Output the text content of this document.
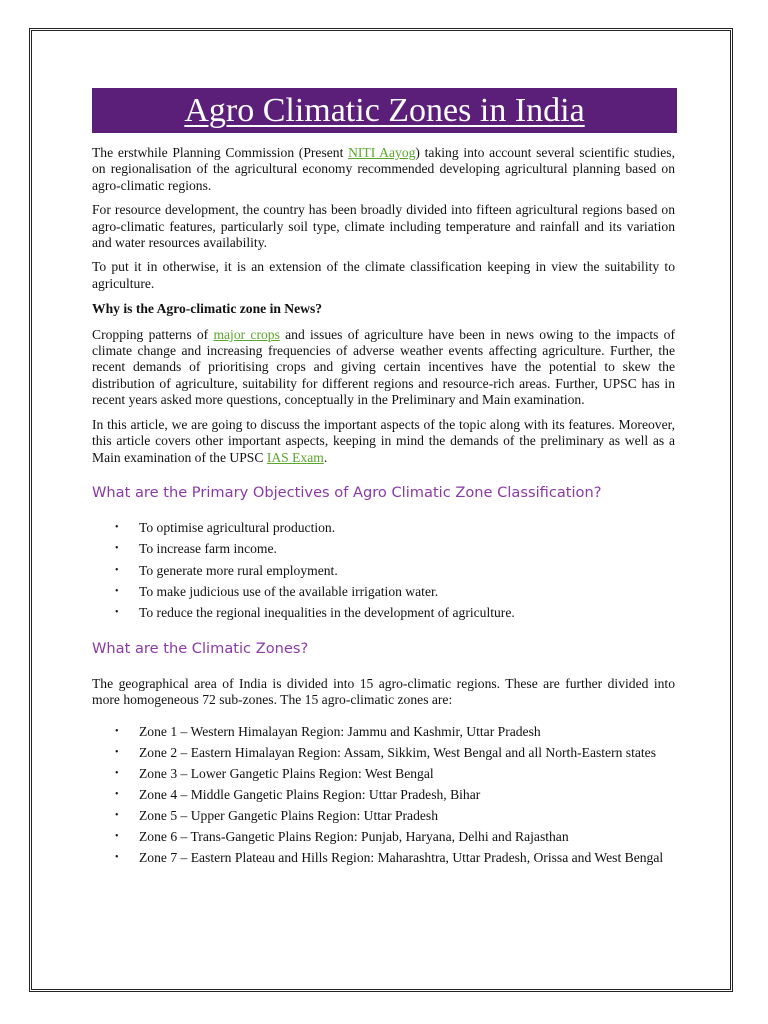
Agro Climatic Zones in India

The erstwhile Planning Commission (Present NITI Aayog) taking into account several scientific studies, on regionalisation of the agricultural economy recommended developing agricultural planning based on agro-climatic regions.

For resource development, the country has been broadly divided into fifteen agricultural regions based on agro-climatic features, particularly soil type, climate including temperature and rainfall and its variation and water resources availability.

To put it in otherwise, it is an extension of the climate classification keeping in view the suitability to agriculture.

Why is the Agro-climatic zone in News?

Cropping patterns of major crops and issues of agriculture have been in news owing to the impacts of climate change and increasing frequencies of adverse weather events affecting agriculture. Further, the recent demands of prioritising crops and giving certain incentives have the potential to skew the distribution of agriculture, suitability for different regions and resource-rich areas. Further, UPSC has in recent years asked more questions, conceptually in the Preliminary and Main examination.

In this article, we are going to discuss the important aspects of the topic along with its features. Moreover, this article covers other important aspects, keeping in mind the demands of the preliminary as well as a Main examination of the UPSC IAS Exam.

What are the Primary Objectives of Agro Climatic Zone Classification?
• To optimise agricultural production.
• To increase farm income.
• To generate more rural employment.
• To make judicious use of the available irrigation water.
• To reduce the regional inequalities in the development of agriculture.
What are the Climatic Zones?

The geographical area of India is divided into 15 agro-climatic regions. These are further divided into more homogeneous 72 sub-zones. The 15 agro-climatic zones are:

• Zone 1 – Western Himalayan Region: Jammu and Kashmir, Uttar Pradesh
• Zone 2 – Eastern Himalayan Region: Assam, Sikkim, West Bengal and all North-Eastern states
• Zone 3 – Lower Gangetic Plains Region: West Bengal
• Zone 4 – Middle Gangetic Plains Region: Uttar Pradesh, Bihar
• Zone 5 – Upper Gangetic Plains Region: Uttar Pradesh
• Zone 6 – Trans-Gangetic Plains Region: Punjab, Haryana, Delhi and Rajasthan
• Zone 7 – Eastern Plateau and Hills Region: Maharashtra, Uttar Pradesh, Orissa and West Bengal
